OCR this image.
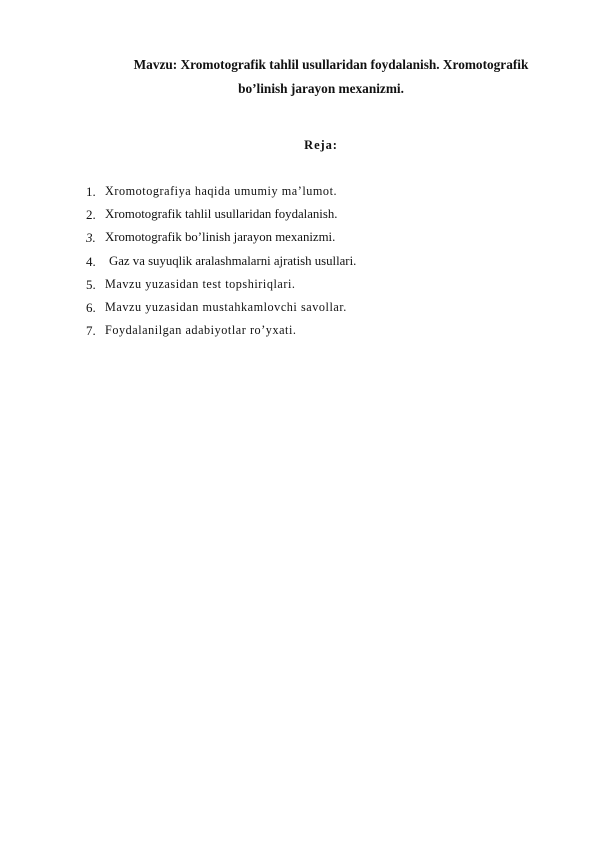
Mavzu: Xromotografik tahlil usullaridan foydalanish. Xromotografik

bo’linish jarayon mexanizmi.

Reja:

1. Xromotografiya haqida umumiy ma’lumot.
2. Xromotografik tahlil usullaridan foydalanish.
3. Xromotografik bo’linish jarayon mexanizmi.
4.	Gaz va suyuqlik aralashmalarni ajratish usullari.
5. Mavzu yuzasidan test topshiriqlari.
6. Mavzu yuzasidan mustahkamlovchi savollar.
7. Foydalanilgan adabiyotlar ro’yxati.
